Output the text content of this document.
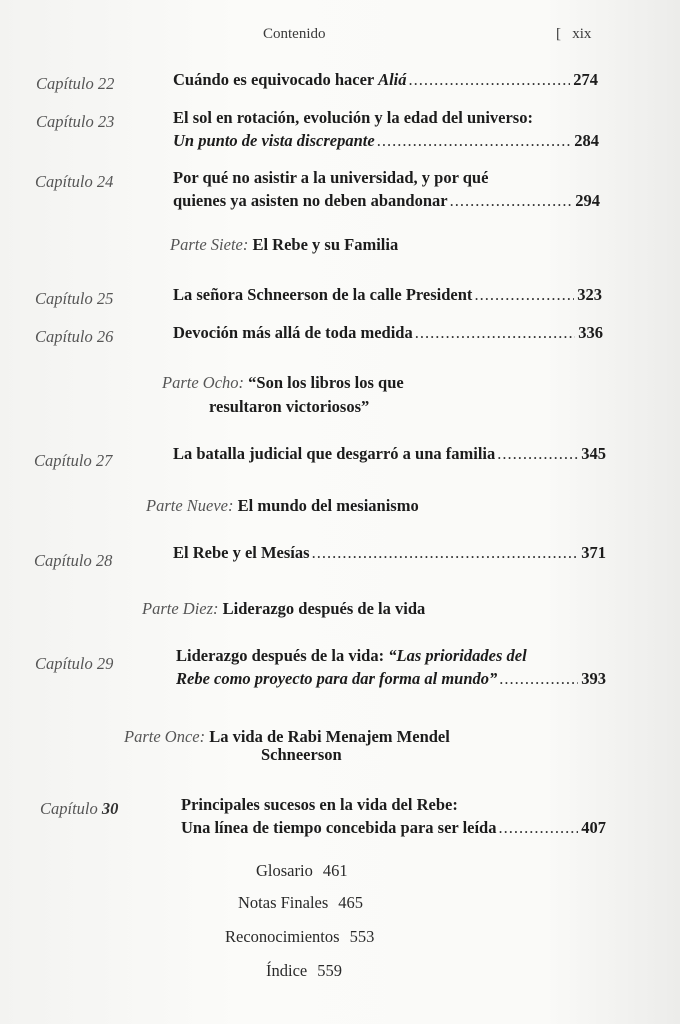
Contenido	[   xix
Capítulo 22	Cuándo es equivocado hacer Aliá .....	274
Capítulo 23	El sol en rotación, evolución y la edad del universo:
Un punto de vista discrepante .....	284
Capítulo 24	Por qué no asistir a la universidad, y por qué
quienes ya asisten no deben abandonar .....	294
Parte Siete: El Rebe y su Familia
Capítulo 25	La señora Schneerson de la calle President .....	323
Capítulo 26	Devoción más allá de toda medida .....	336
Parte Ocho: “Son los libros los que
resultaron victoriosos”
Capítulo 27	La batalla judicial que desgarró a una familia .....	345
Parte Nueve: El mundo del mesianismo
Capítulo 28	El Rebe y el Mesías .....	371
Parte Diez: Liderazgo después de la vida
Capítulo 29	Liderazgo después de la vida: “Las prioridades del
Rebe como proyecto para dar forma al mundo” .....	393
Parte Once: La vida de Rabi Menajem Mendel
Schneerson
Capítulo 30	Principales sucesos en la vida del Rebe:
Una línea de tiempo concebida para ser leída .....	407
Glosario 461
Notas Finales 465
Reconocimientos 553
Índice 559
